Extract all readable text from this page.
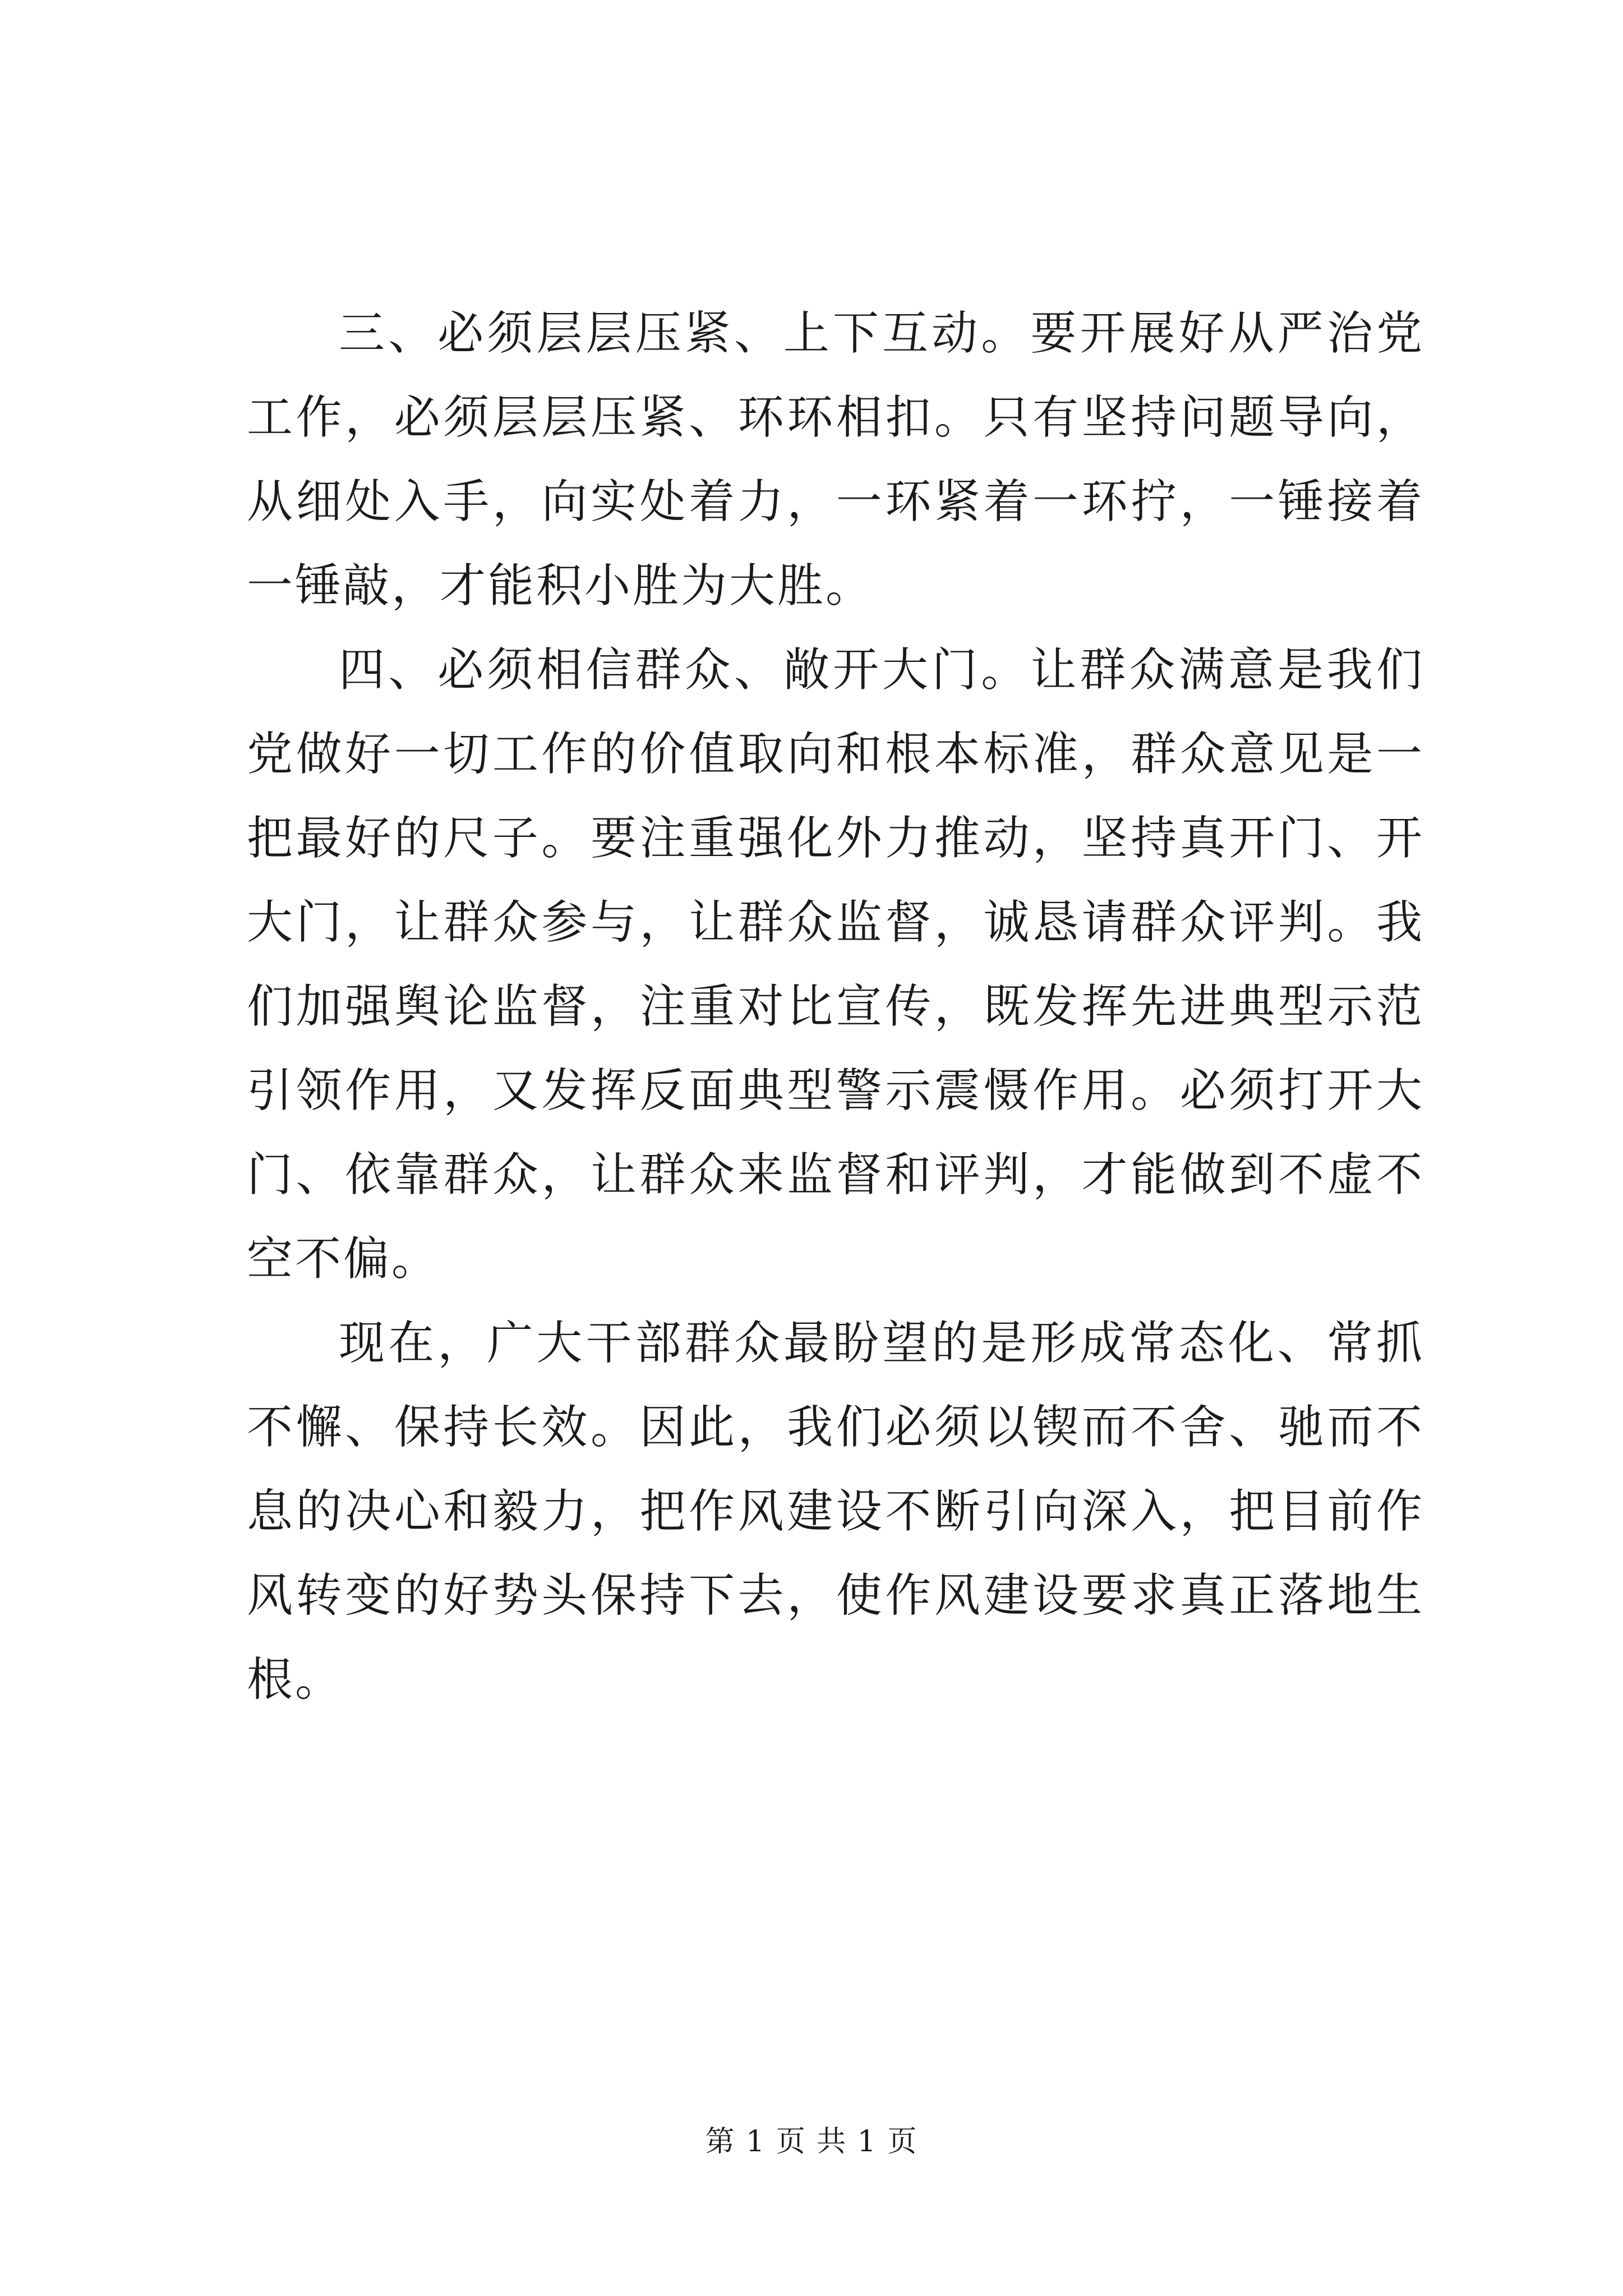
三、必须层层压紧、上下互动。要开展好从严治党工作，必须层层压紧、环环相扣。只有坚持问题导向，从细处入手，向实处着力，一环紧着一环拧，一锤接着一锤敲，才能积小胜为大胜。

四、必须相信群众、敞开大门。让群众满意是我们党做好一切工作的价值取向和根本标准，群众意见是一把最好的尺子。要注重强化外力推动，坚持真开门、开大门，让群众参与，让群众监督，诚恳请群众评判。我们加强舆论监督，注重对比宣传，既发挥先进典型示范引领作用，又发挥反面典型警示震慑作用。必须打开大门、依靠群众，让群众来监督和评判，才能做到不虚不空不偏。

现在，广大干部群众最盼望的是形成常态化、常抓不懈、保持长效。因此，我们必须以锲而不舍、驰而不息的决心和毅力，把作风建设不断引向深入，把目前作风转变的好势头保持下去，使作风建设要求真正落地生根。

第 1 页 共 1 页
